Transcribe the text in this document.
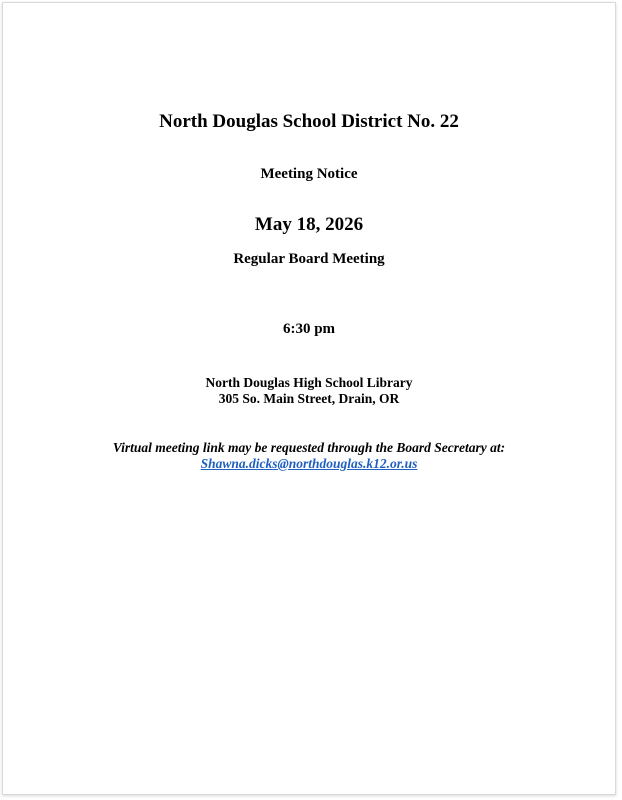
North Douglas School District No. 22
Meeting Notice
May 18, 2026
Regular Board Meeting
6:30 pm
North Douglas High School Library
305 So. Main Street, Drain, OR
Virtual meeting link may be requested through the Board Secretary at:
Shawna.dicks@northdouglas.k12.or.us
